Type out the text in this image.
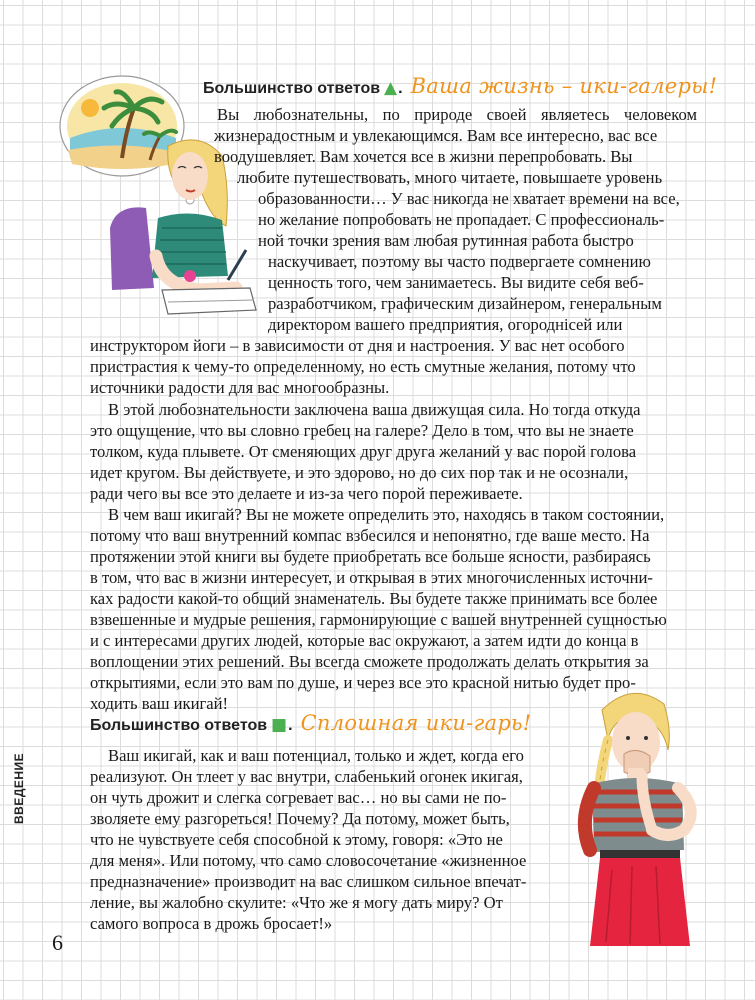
Большинство ответов ▲ . Ваша жизнь – ики-галеры!
Вы любознательны, по природе своей являетесь человеком
жизнерадостным и увлекающимся. Вам все интересно, вас все
воодушевляет. Вам хочется все в жизни перепробовать. Вы
любите путешествовать, много читаете, повышаете уровень
образованности… У вас никогда не хватает времени на все,
но желание попробовать не пропадает. С профессиональ-
ной точки зрения вам любая рутинная работа быстро
наскучивает, поэтому вы часто подвергаете сомнению
ценность того, чем занимаетесь. Вы видите себя веб-
разработчиком, графическим дизайнером, генеральным
директором вашего предприятия, огороднicей или
инструктором йоги – в зависимости от дня и настроения. У вас нет особого
пристрастия к чему-то определенному, но есть смутные желания, потому что
источники радости для вас многообразны.
В этой любознательности заключена ваша движущая сила. Но тогда откуда
это ощущение, что вы словно гребец на галере? Дело в том, что вы не знаете
толком, куда плывете. От сменяющих друг друга желаний у вас порой голова
идет кругом. Вы действуете, и это здорово, но до сих пор так и не осознали,
ради чего вы все это делаете и из-за чего порой переживаете.
В чем ваш икигай? Вы не можете определить это, находясь в таком состоянии,
потому что ваш внутренний компас взбесился и непонятно, где ваше место. На
протяжении этой книги вы будете приобретать все больше ясности, разбираясь
в том, что вас в жизни интересует, и открывая в этих многочисленных источни-
ках радости какой-то общий знаменатель. Вы будете также принимать все более
взвешенные и мудрые решения, гармонирующие с вашей внутренней сущностью
и с интересами других людей, которые вас окружают, а затем идти до конца в
воплощении этих решений. Вы всегда сможете продолжать делать открытия за
открытиями, если это вам по душе, и через все это красной нитью будет про-
ходить ваш икигай!
Большинство ответов ■ . Сплошная ики-гарь!
Ваш икигай, как и ваш потенциал, только и ждет, когда его
реализуют. Он тлеет у вас внутри, слабенький огонек икигая,
он чуть дрожит и слегка согревает вас… но вы сами не по-
зволяете ему разгореться! Почему? Да потому, может быть,
что не чувствуете себя способной к этому, говоря: «Это не
для меня». Или потому, что само словосочетание «жизненное
предназначение» производит на вас слишком сильное впечат-
ление, вы жалобно скулите: «Что же я могу дать миру? От
самого вопроса в дрожь бросает!»
ВВЕДЕНИЕ
6
